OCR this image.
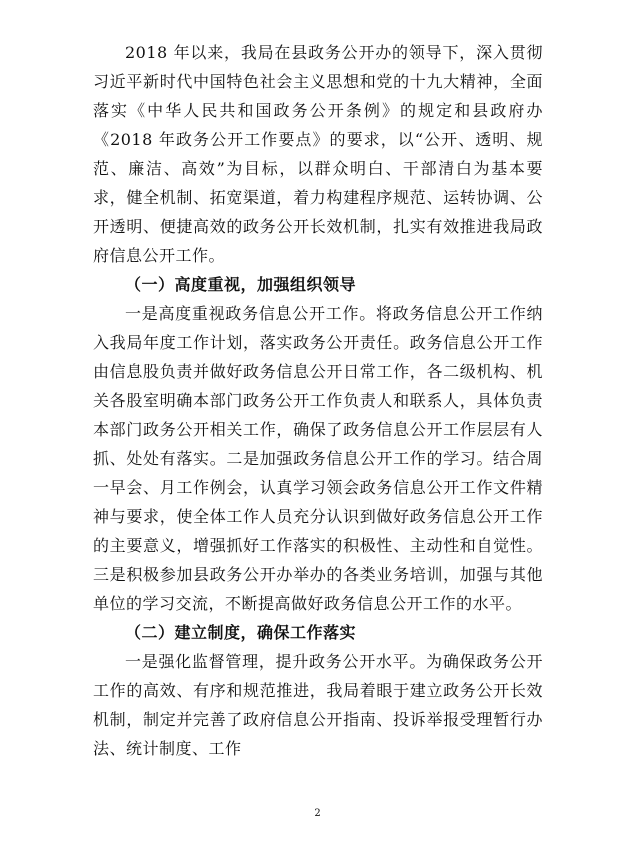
2018 年以来，我局在县政务公开办的领导下，深入贯彻习近平新时代中国特色社会主义思想和党的十九大精神，全面落实《中华人民共和国政务公开条例》的规定和县政府办《2018 年政务公开工作要点》的要求，以“公开、透明、规范、廉洁、高效”为目标，以群众明白、干部清白为基本要求，健全机制、拓宽渠道，着力构建程序规范、运转协调、公开透明、便捷高效的政务公开长效机制，扎实有效推进我局政府信息公开工作。

（一）高度重视，加强组织领导

一是高度重视政务信息公开工作。将政务信息公开工作纳入我局年度工作计划，落实政务公开责任。政务信息公开工作由信息股负责并做好政务信息公开日常工作，各二级机构、机关各股室明确本部门政务公开工作负责人和联系人，具体负责本部门政务公开相关工作，确保了政务信息公开工作层层有人抓、处处有落实。二是加强政务信息公开工作的学习。结合周一早会、月工作例会，认真学习领会政务信息公开工作文件精神与要求，使全体工作人员充分认识到做好政务信息公开工作的主要意义，增强抓好工作落实的积极性、主动性和自觉性。三是积极参加县政务公开办举办的各类业务培训，加强与其他单位的学习交流，不断提高做好政务信息公开工作的水平。

（二）建立制度，确保工作落实

一是强化监督管理，提升政务公开水平。为确保政务公开工作的高效、有序和规范推进，我局着眼于建立政务公开长效机制，制定并完善了政府信息公开指南、投诉举报受理暂行办法、统计制度、工作

2
